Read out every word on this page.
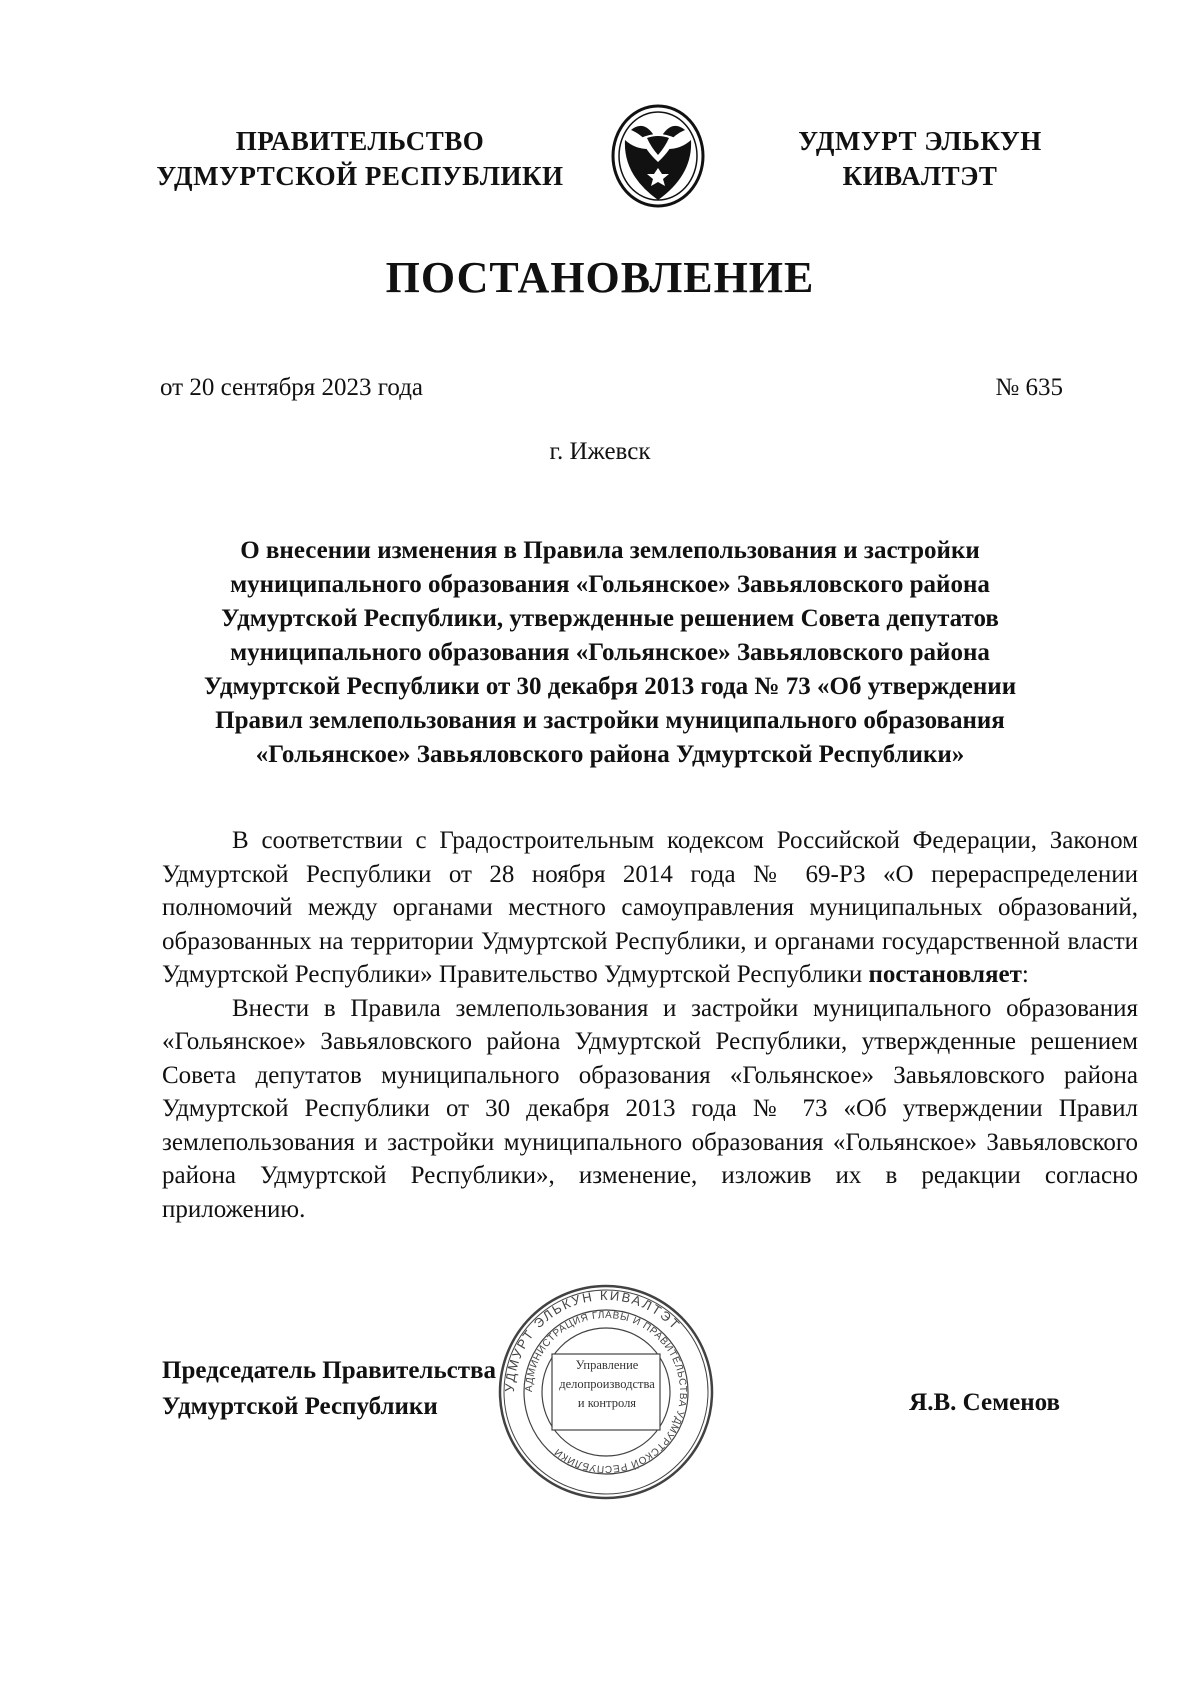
ПРАВИТЕЛЬСТВО
УДМУРТСКОЙ РЕСПУБЛИКИ
УДМУРТ ЭЛЬКУН
КИВАЛТЭТ
ПОСТАНОВЛЕНИЕ
от 20 сентября 2023 года	№ 635
г. Ижевск
О внесении изменения в Правила землепользования и застройки
муниципального образования «Гольянское» Завьяловского района
Удмуртской Республики, утвержденные решением Совета депутатов
муниципального образования «Гольянское» Завьяловского района
Удмуртской Республики от 30 декабря 2013 года № 73 «Об утверждении
Правил землепользования и застройки муниципального образования
«Гольянское» Завьяловского района Удмуртской Республики»

В соответствии с Градостроительным кодексом Российской Федерации, Законом Удмуртской Республики от 28 ноября 2014 года № 69-РЗ «О перераспределении полномочий между органами местного самоуправления муниципальных образований, образованных на территории Удмуртской Республики, и органами государственной власти Удмуртской Республики» Правительство Удмуртской Республики постановляет:

Внести в Правила землепользования и застройки муниципального образования «Гольянское» Завьяловского района Удмуртской Республики, утвержденные решением Совета депутатов муниципального образования «Гольянское» Завьяловского района Удмуртской Республики от 30 декабря 2013 года № 73 «Об утверждении Правил землепользования и застройки муниципального образования «Гольянское» Завьяловского района Удмуртской Республики», изменение, изложив их в редакции согласно приложению.

УДМУРТ ЭЛЬКУН КИВАЛТЭТ
АДМИНИСТРАЦИЯ ГЛАВЫ И ПРАВИТЕЛЬСТВА УДМУРТСКОЙ РЕСПУБЛИКИ
Управление
делопроизводства
и контроля
Председатель Правительства
Удмуртской Республики	Я.В. Семенов
